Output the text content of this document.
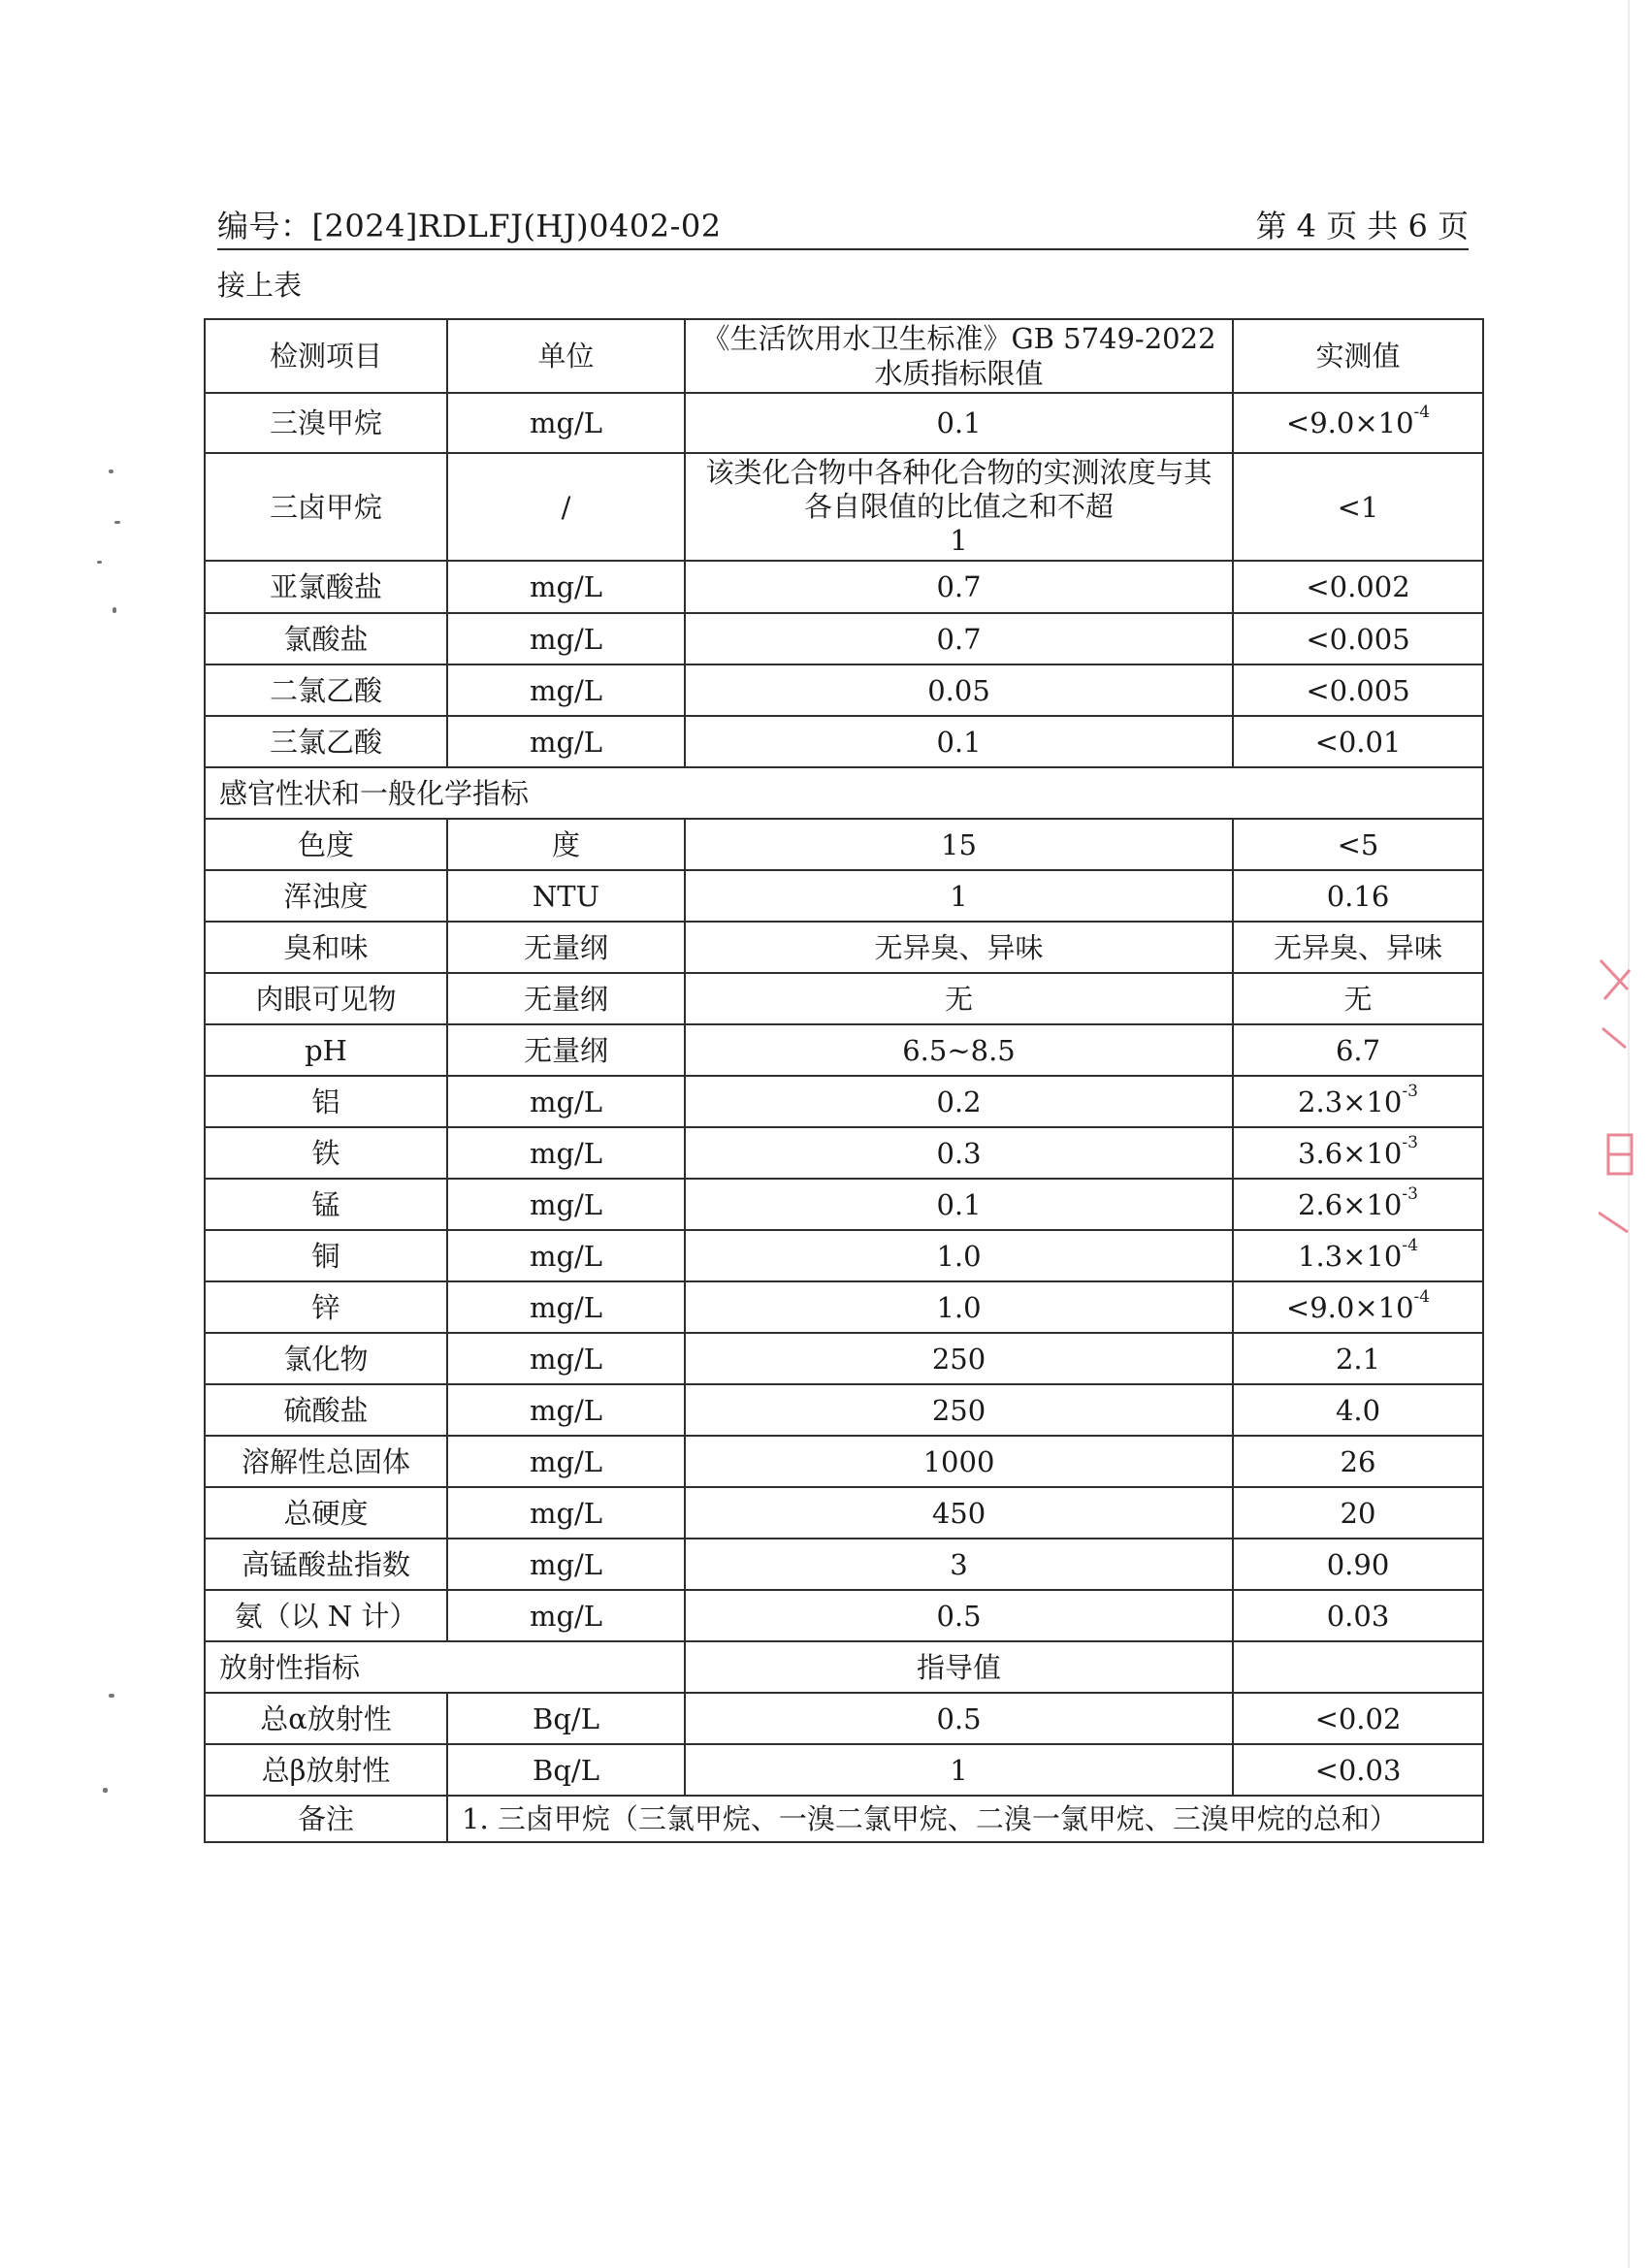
编号：[2024]RDLFJ(HJ)0402-02	第 4 页 共 6 页
接上表
检测项目	单位	《生活饮用水卫生标准》GB 5749-2022 水质指标限值	实测值
三溴甲烷	mg/L	0.1	$<9.0\times 10^{-4}$
三卤甲烷	/	该类化合物中各种化合物的实测浓度与其
各自限值的比值之和不超
1	<1
亚氯酸盐	mg/L	0.7	<0.002
氯酸盐	mg/L	0.7	<0.005
二氯乙酸	mg/L	0.05	<0.005
三氯乙酸	mg/L	0.1	<0.01
感官性状和一般化学指标			
色度	度	15	<5
浑浊度	NTU	1	0.16
臭和味	无量纲	无异臭、异味	无异臭、异味
肉眼可见物	无量纲	无	无
pH	无量纲	6.5~8.5	6.7
铝	mg/L	0.2	$2.3\times 10^{-3}$
铁	mg/L	0.3	$3.6\times 10^{-3}$
锰	mg/L	0.1	$2.6\times 10^{-3}$
铜	mg/L	1.0	$1.3\times 10^{-4}$
锌	mg/L	1.0	$<9.0\times 10^{-4}$
氯化物	mg/L	250	2.1
硫酸盐	mg/L	250	4.0
溶解性总固体	mg/L	1000	26
总硬度	mg/L	450	20
高锰酸盐指数	mg/L	3	0.90
氨（以 N 计）	mg/L	0.5	0.03
放射性指标		指导值	
总α放射性	Bq/L	0.5	<0.02
总β放射性	Bq/L	1	<0.03
备注	1. 三卤甲烷（三氯甲烷、一溴二氯甲烷、二溴一氯甲烷、三溴甲烷的总和）		
